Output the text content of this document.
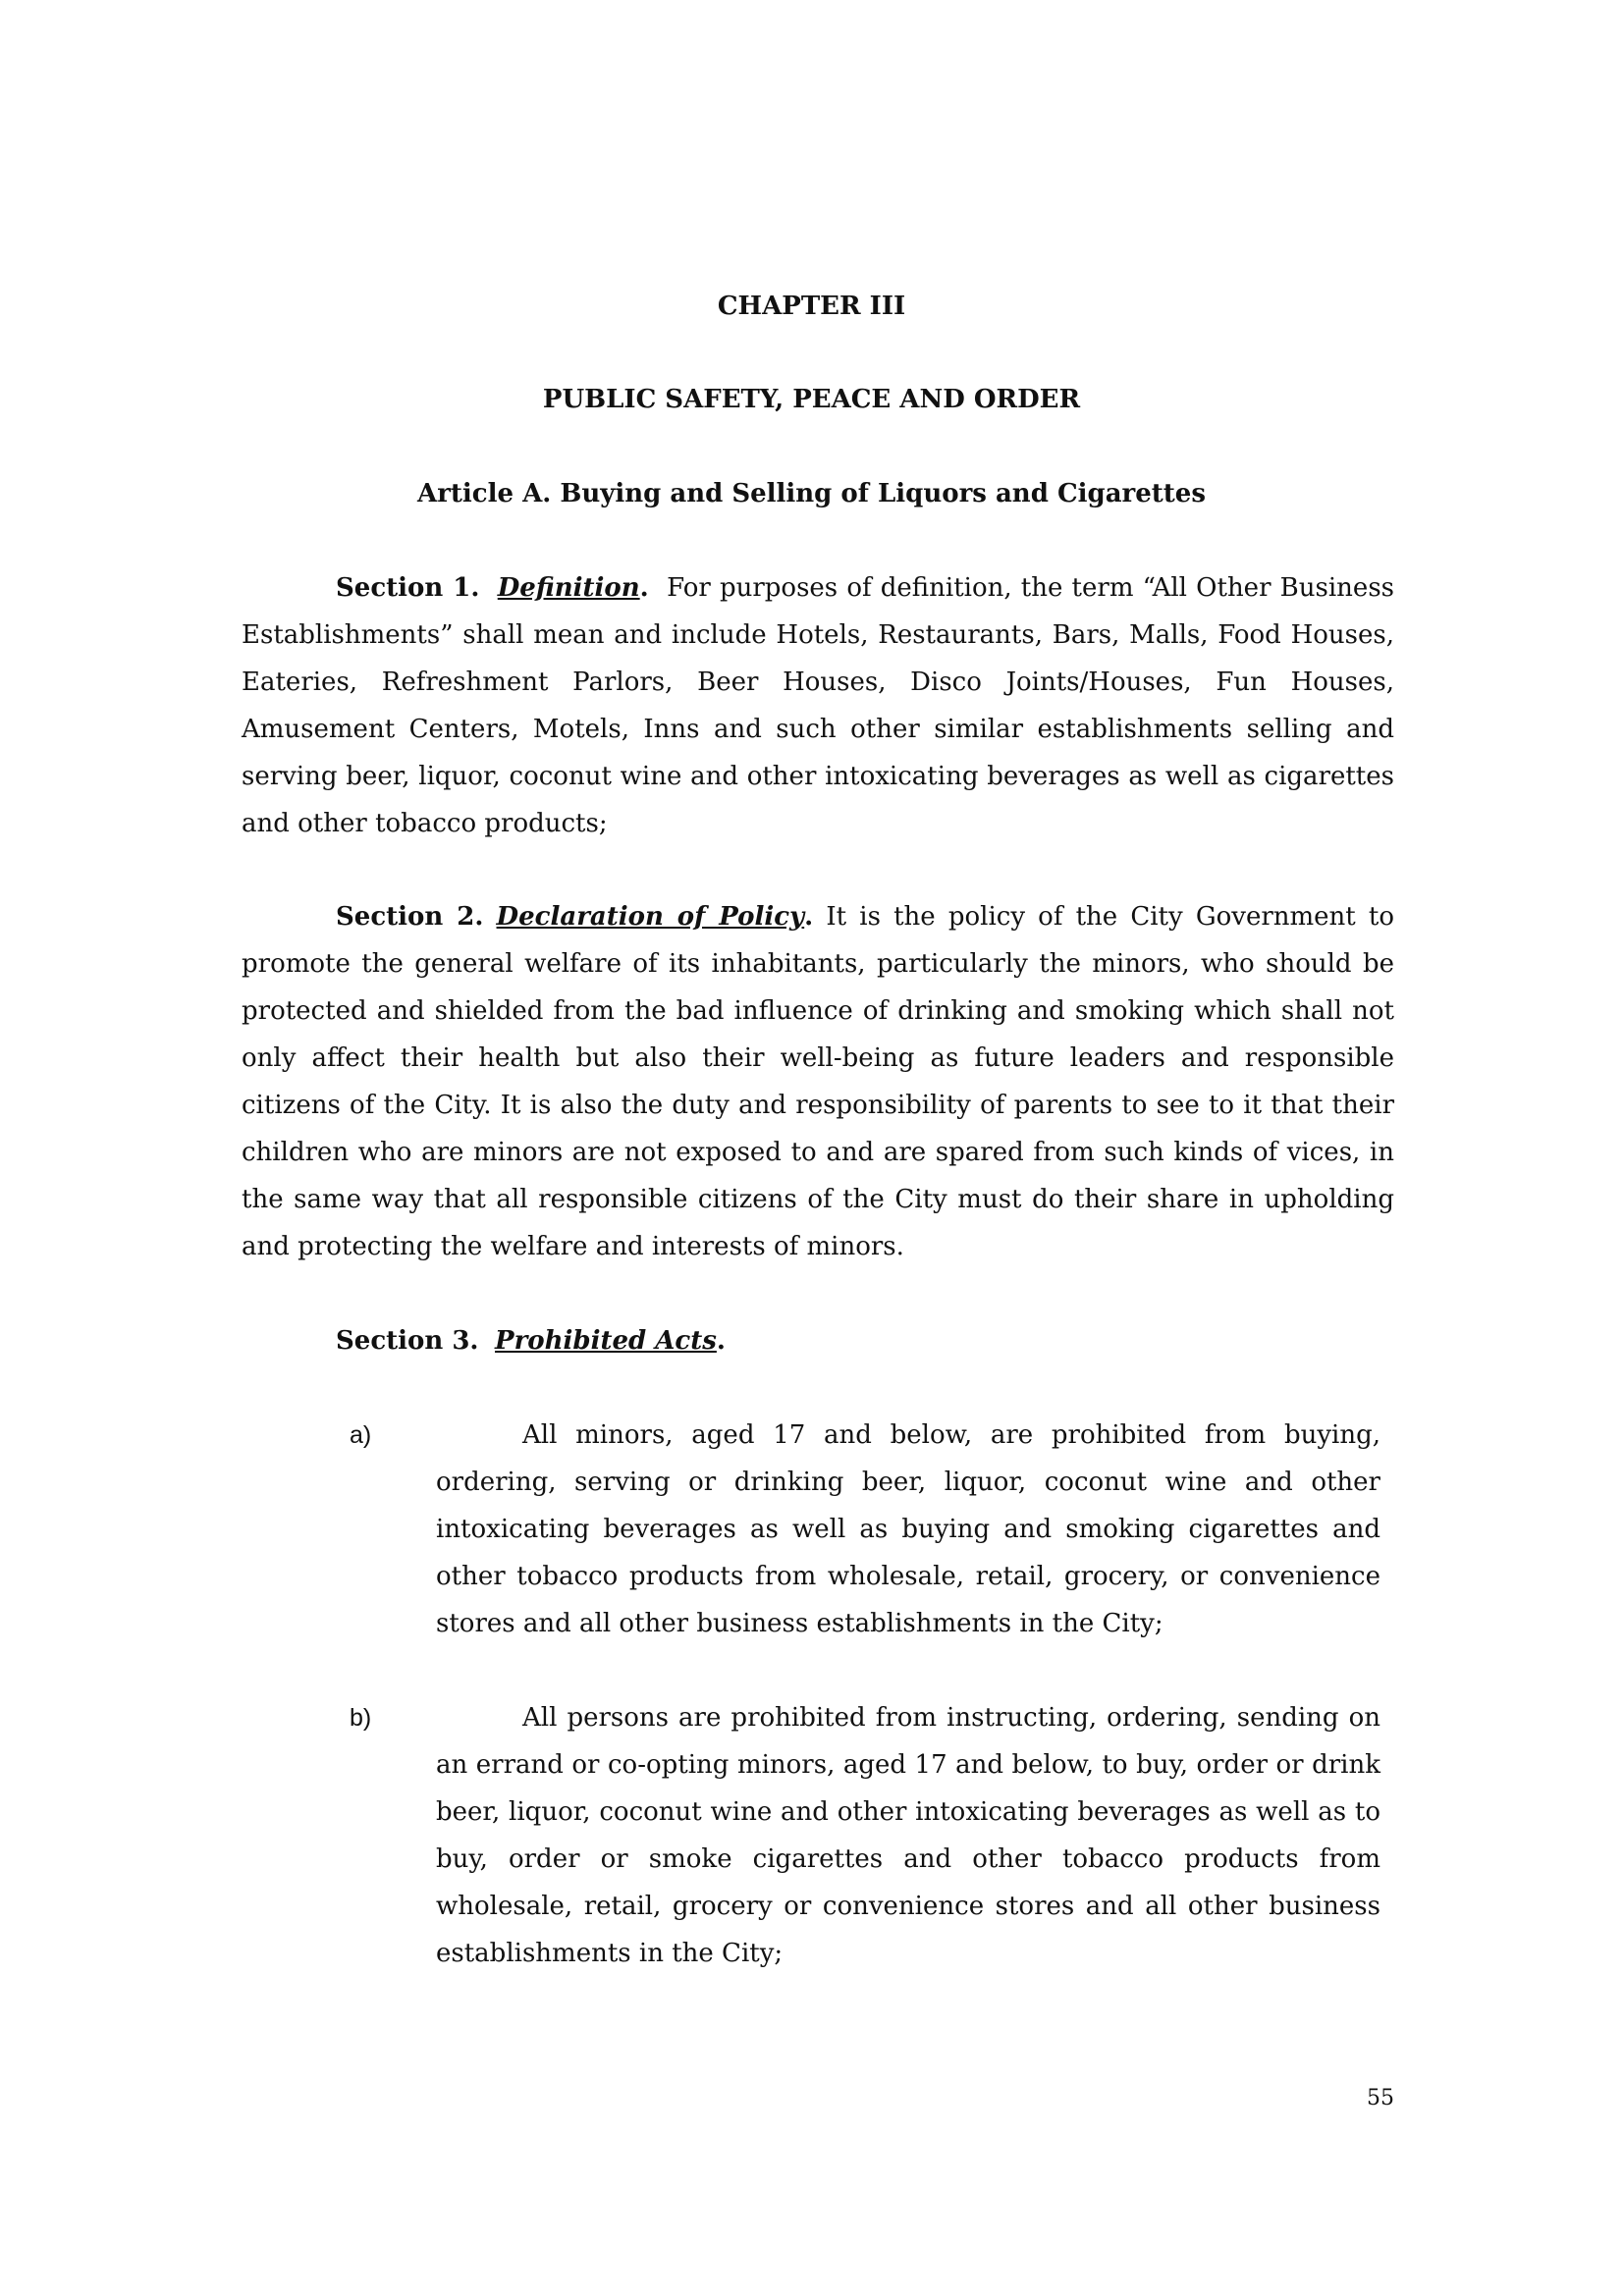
CHAPTER III
PUBLIC SAFETY, PEACE AND ORDER
Article A. Buying and Selling of Liquors and Cigarettes

Section 1. Definition. For purposes of definition, the term “All Other Business Establishments” shall mean and include Hotels, Restaurants, Bars, Malls, Food Houses, Eateries, Refreshment Parlors, Beer Houses, Disco Joints/Houses, Fun Houses, Amusement Centers, Motels, Inns and such other similar establishments selling and serving beer, liquor, coconut wine and other intoxicating beverages as well as cigarettes and other tobacco products;

Section 2. Declaration of Policy. It is the policy of the City Government to promote the general welfare of its inhabitants, particularly the minors, who should be protected and shielded from the bad influence of drinking and smoking which shall not only affect their health but also their well-being as future leaders and responsible citizens of the City. It is also the duty and responsibility of parents to see to it that their children who are minors are not exposed to and are spared from such kinds of vices, in the same way that all responsible citizens of the City must do their share in upholding and protecting the welfare and interests of minors.

Section 3. Prohibited Acts.

a)	All minors, aged 17 and below, are prohibited from buying, ordering, serving or drinking beer, liquor, coconut wine and other intoxicating beverages as well as buying and smoking cigarettes and other tobacco products from wholesale, retail, grocery, or convenience stores and all other business establishments in the City;

b)	All persons are prohibited from instructing, ordering, sending on an errand or co-opting minors, aged 17 and below, to buy, order or drink beer, liquor, coconut wine and other intoxicating beverages as well as to buy, order or smoke cigarettes and other tobacco products from wholesale, retail, grocery or convenience stores and all other business establishments in the City;

55
